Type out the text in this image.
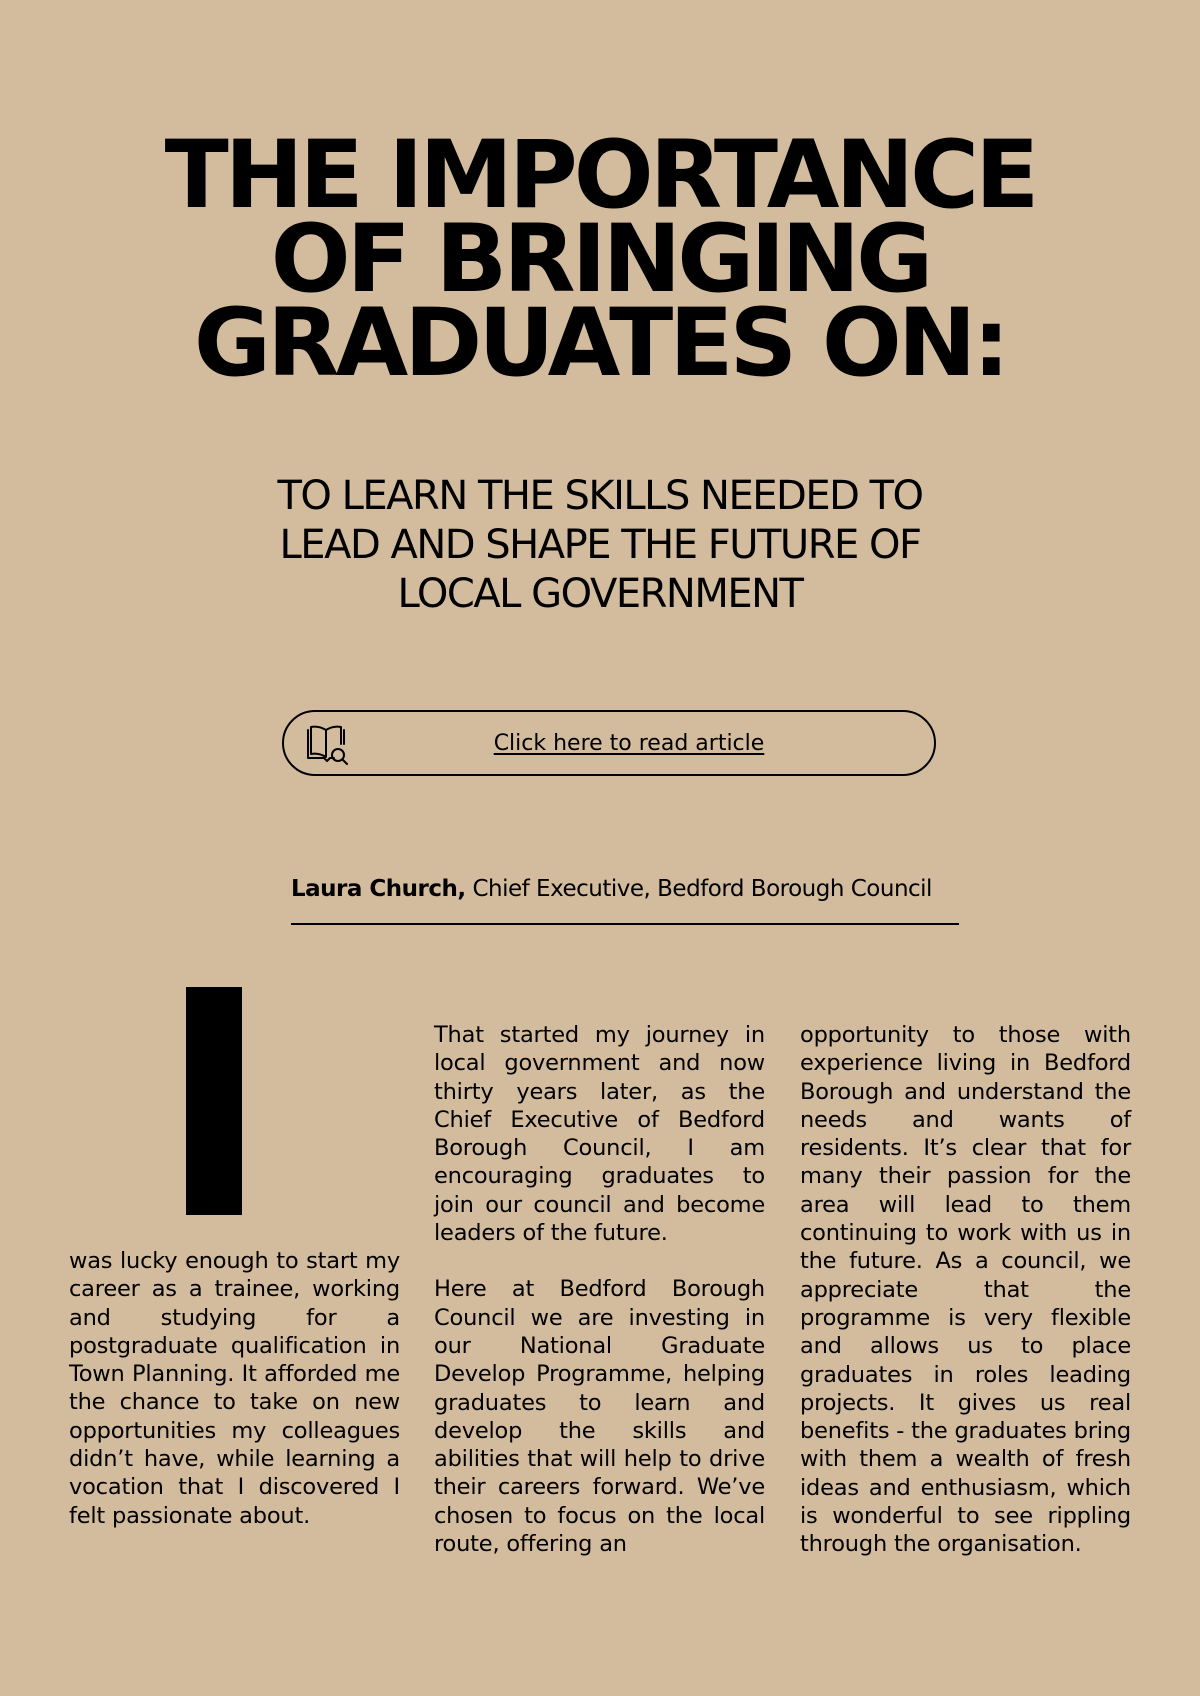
THE IMPORTANCE
OF BRINGING
GRADUATES ON:
TO LEARN THE SKILLS NEEDED TO
LEAD AND SHAPE THE FUTURE OF
LOCAL GOVERNMENT
Click here to read article
Laura Church, Chief Executive, Bedford Borough Council

was lucky enough to start my career as a trainee, working and studying for a postgraduate qualification in Town Planning. It afforded me the chance to take on new opportunities my colleagues didn’t have, while learning a vocation that I discovered I felt passionate about.

That started my journey in local government and now thirty years later, as the Chief Executive of Bedford Borough Council, I am encouraging graduates to join our council and become leaders of the future.

Here at Bedford Borough Council we are investing in our National Graduate Develop Programme, helping graduates to learn and develop the skills and abilities that will help to drive their careers forward. We’ve chosen to focus on the local route, offering an

opportunity to those with experience living in Bedford Borough and understand the needs and wants of residents. It’s clear that for many their passion for the area will lead to them continuing to work with us in the future. As a council, we appreciate that the programme is very flexible and allows us to place graduates in roles leading projects. It gives us real benefits - the graduates bring with them a wealth of fresh ideas and enthusiasm, which is wonderful to see rippling through the organisation.
